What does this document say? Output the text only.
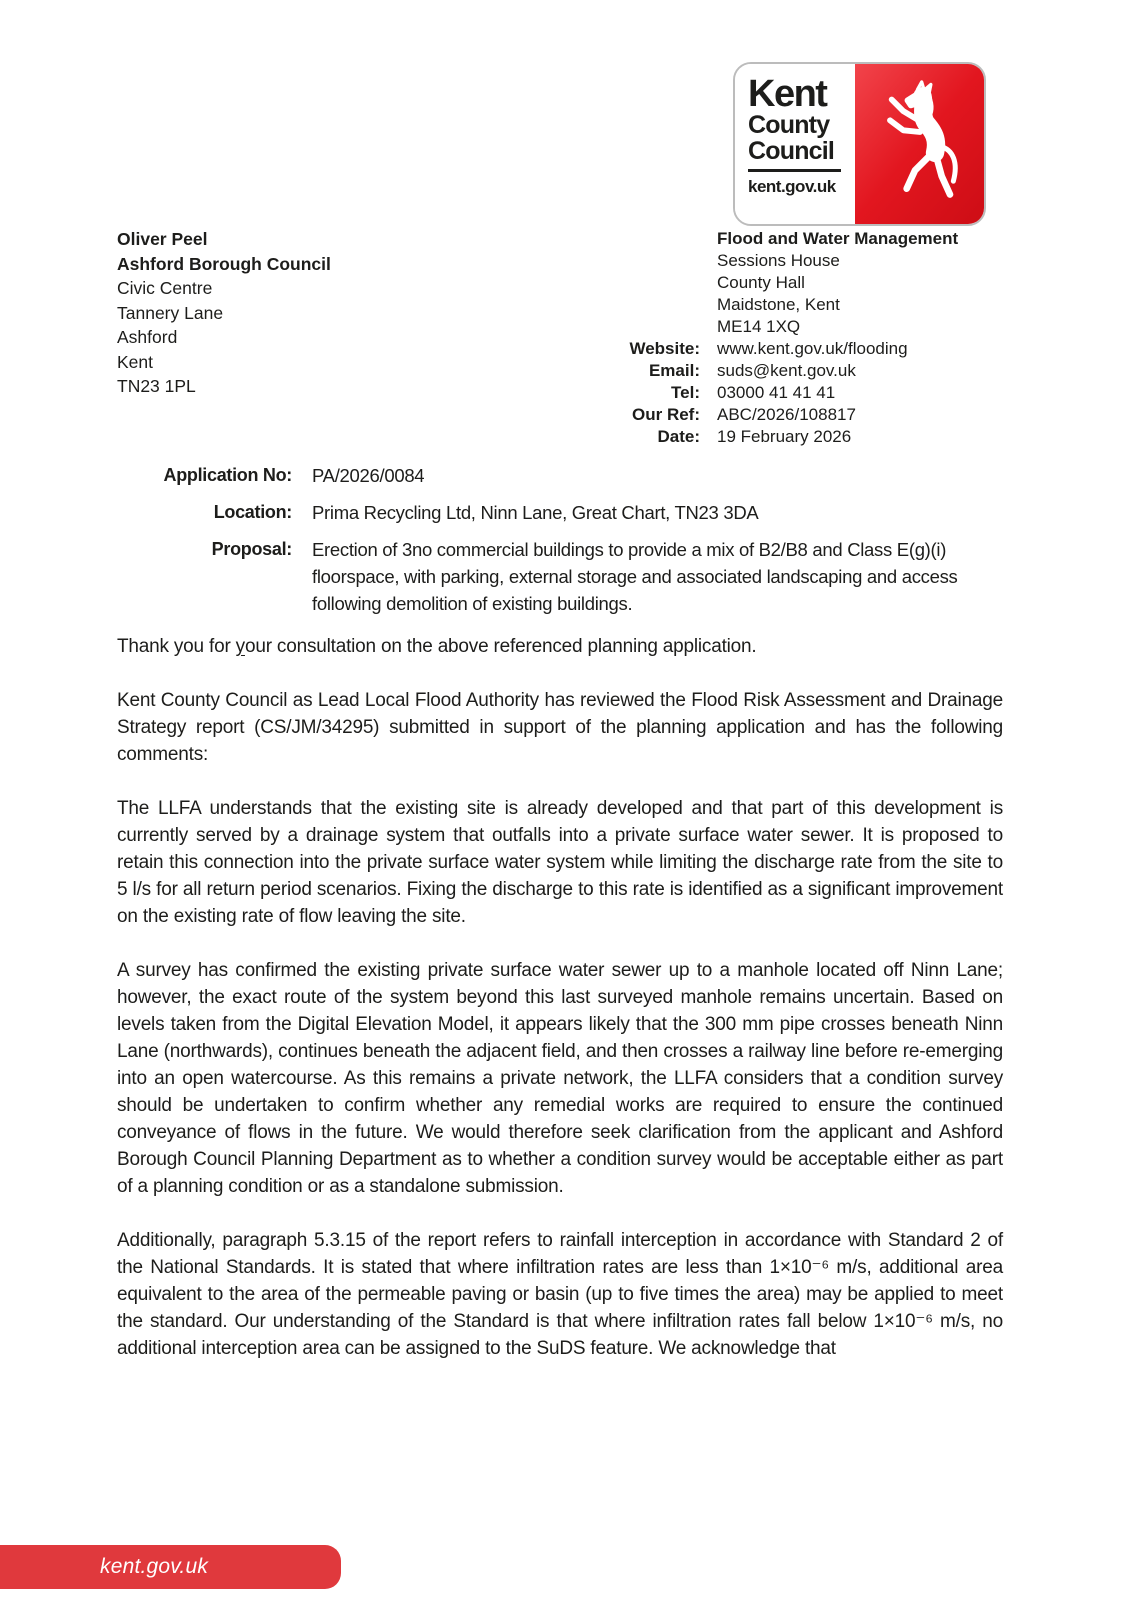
Kent
County
Council
kent.gov.uk
Oliver Peel
Ashford Borough Council
Civic Centre
Tannery Lane
Ashford
Kent
TN23 1PL
Flood and Water Management
Sessions House
County Hall
Maidstone, Kent
ME14 1XQ
Website:	www.kent.gov.uk/flooding
Email:	suds@kent.gov.uk
Tel:	03000 41 41 41
Our Ref:	ABC/2026/108817
Date:	19 February 2026
Application No:	PA/2026/0084
Location:	Prima Recycling Ltd, Ninn Lane, Great Chart, TN23 3DA
Proposal:	Erection of 3no commercial buildings to provide a mix of B2/B8 and Class E(g)(i) floorspace, with parking, external storage and associated landscaping and access following demolition of existing buildings.

Thank you for your consultation on the above referenced planning application.

Kent County Council as Lead Local Flood Authority has reviewed the Flood Risk Assessment and Drainage Strategy report (CS/JM/34295) submitted in support of the planning application and has the following comments:

The LLFA understands that the existing site is already developed and that part of this development is currently served by a drainage system that outfalls into a private surface water sewer. It is proposed to retain this connection into the private surface water system while limiting the discharge rate from the site to 5 l/s for all return period scenarios. Fixing the discharge to this rate is identified as a significant improvement on the existing rate of flow leaving the site.

A survey has confirmed the existing private surface water sewer up to a manhole located off Ninn Lane; however, the exact route of the system beyond this last surveyed manhole remains uncertain. Based on levels taken from the Digital Elevation Model, it appears likely that the 300 mm pipe crosses beneath Ninn Lane (northwards), continues beneath the adjacent field, and then crosses a railway line before re-emerging into an open watercourse. As this remains a private network, the LLFA considers that a condition survey should be undertaken to confirm whether any remedial works are required to ensure the continued conveyance of flows in the future. We would therefore seek clarification from the applicant and Ashford Borough Council Planning Department as to whether a condition survey would be acceptable either as part of a planning condition or as a standalone submission.

Additionally, paragraph 5.3.15 of the report refers to rainfall interception in accordance with Standard 2 of the National Standards. It is stated that where infiltration rates are less than 1×10⁻⁶ m/s, additional area equivalent to the area of the permeable paving or basin (up to five times the area) may be applied to meet the standard. Our understanding of the Standard is that where infiltration rates fall below 1×10⁻⁶ m/s, no additional interception area can be assigned to the SuDS feature. We acknowledge that

kent.gov.uk
